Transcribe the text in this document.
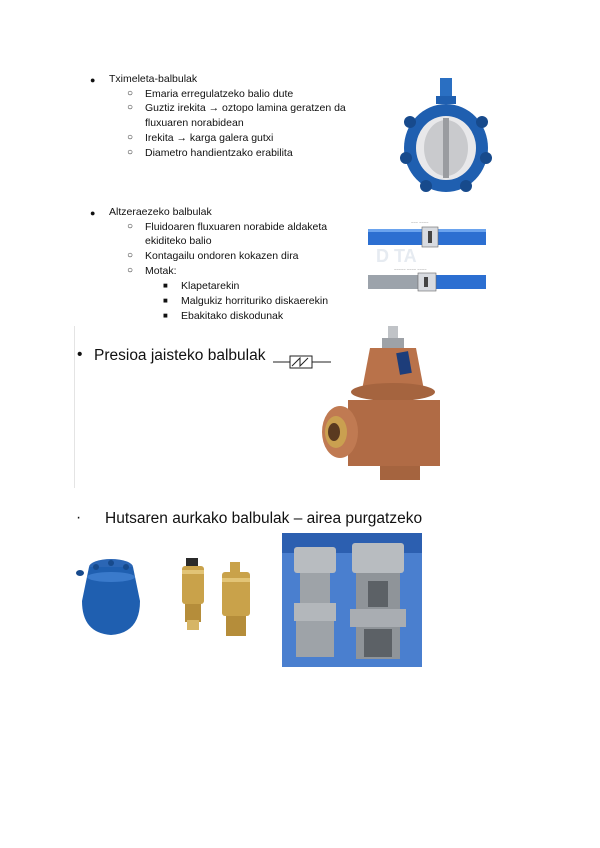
● Tximeleta-balbulak
○ Emaria erregulatzeko balio dute
○ Guztiz irekita → oztopo lamina geratzen da
fluxuaren norabidean
○ Irekita → karga galera gutxi
○ Diametro handientzako erabilita
● Altzeraezeko balbulak
○ Fluidoaren fluxuaren norabide aldaketa
ekiditeko balio
○ Kontagailu ondoren kokazen dira
○ Motak:
■ Klapetarekin
■ Malgukiz horrituriko diskaerekin
■ Ebakitako diskodunak
~~~ ~~~~
D TA
~~~~~ ~~~~ ~~~~
• Presioa jaisteko balbulak
· Hutsaren aurkako balbulak – airea purgatzeko
